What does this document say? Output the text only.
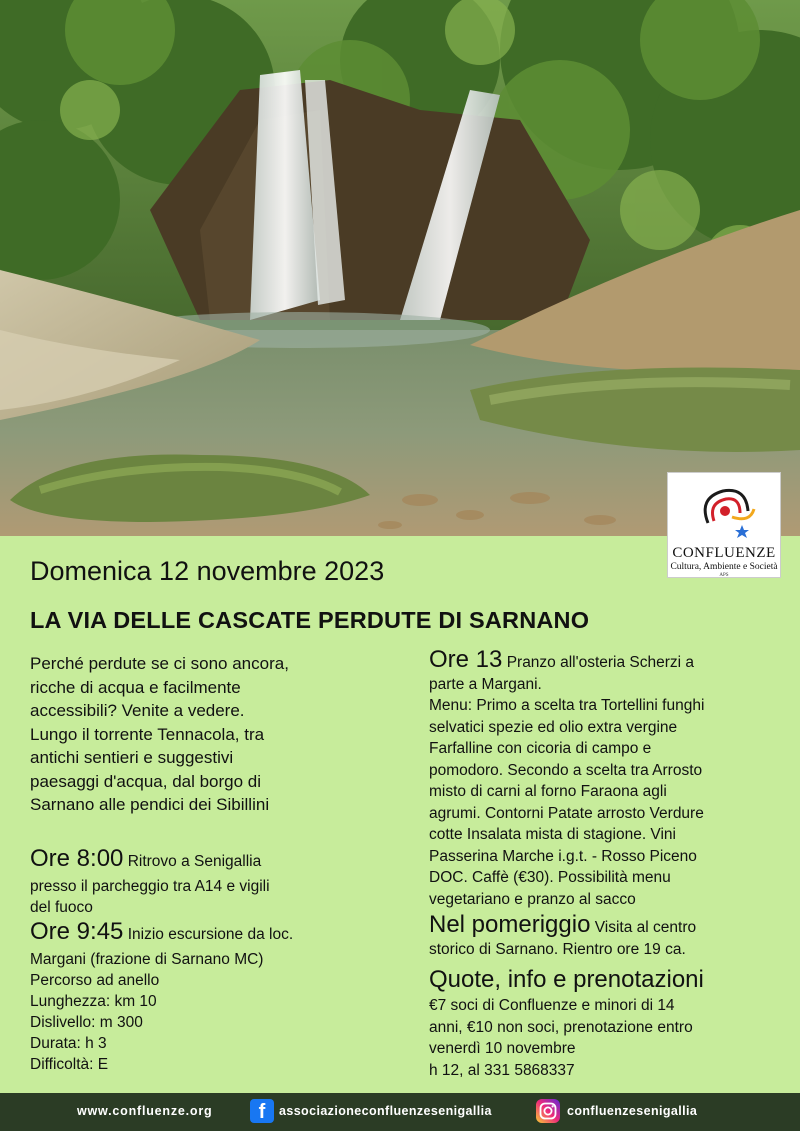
CONFLUENZE
Cultura, Ambiente e Società
APS
Domenica 12 novembre 2023
LA VIA DELLE CASCATE PERDUTE DI SARNANO
Perché perdute se ci sono ancora,
ricche di acqua e facilmente
accessibili? Venite a vedere.
Lungo il torrente Tennacola, tra
antichi sentieri e suggestivi
paesaggi d'acqua, dal borgo di
Sarnano alle pendici dei Sibillini
Ore 8:00 Ritrovo a Senigallia
presso il parcheggio tra A14 e vigili
del fuoco
Ore 9:45 Inizio escursione da loc.
Margani (frazione di Sarnano MC)
Percorso ad anello
Lunghezza: km 10
Dislivello: m 300
Durata: h 3
Difficoltà: E
Ore 13 Pranzo all'osteria Scherzi a
parte a Margani.
Menu: Primo a scelta tra Tortellini funghi
selvatici spezie ed olio extra vergine
Farfalline con cicoria di campo e
pomodoro. Secondo a scelta tra Arrosto
misto di carni al forno Faraona agli
agrumi. Contorni Patate arrosto Verdure
cotte Insalata mista di stagione. Vini
Passerina Marche i.g.t. - Rosso Piceno
DOC. Caffè (€30). Possibilità menu
vegetariano e pranzo al sacco
Nel pomeriggio Visita al centro
storico di Sarnano. Rientro ore 19 ca.
Quote, info e prenotazioni
€7 soci di Confluenze e minori di 14
anni, €10 non soci, prenotazione entro
venerdì 10 novembre
h 12, al 331 5868337
www.confluenze.org	f	associazioneconfluenzesenigallia	confluenzesenigallia
